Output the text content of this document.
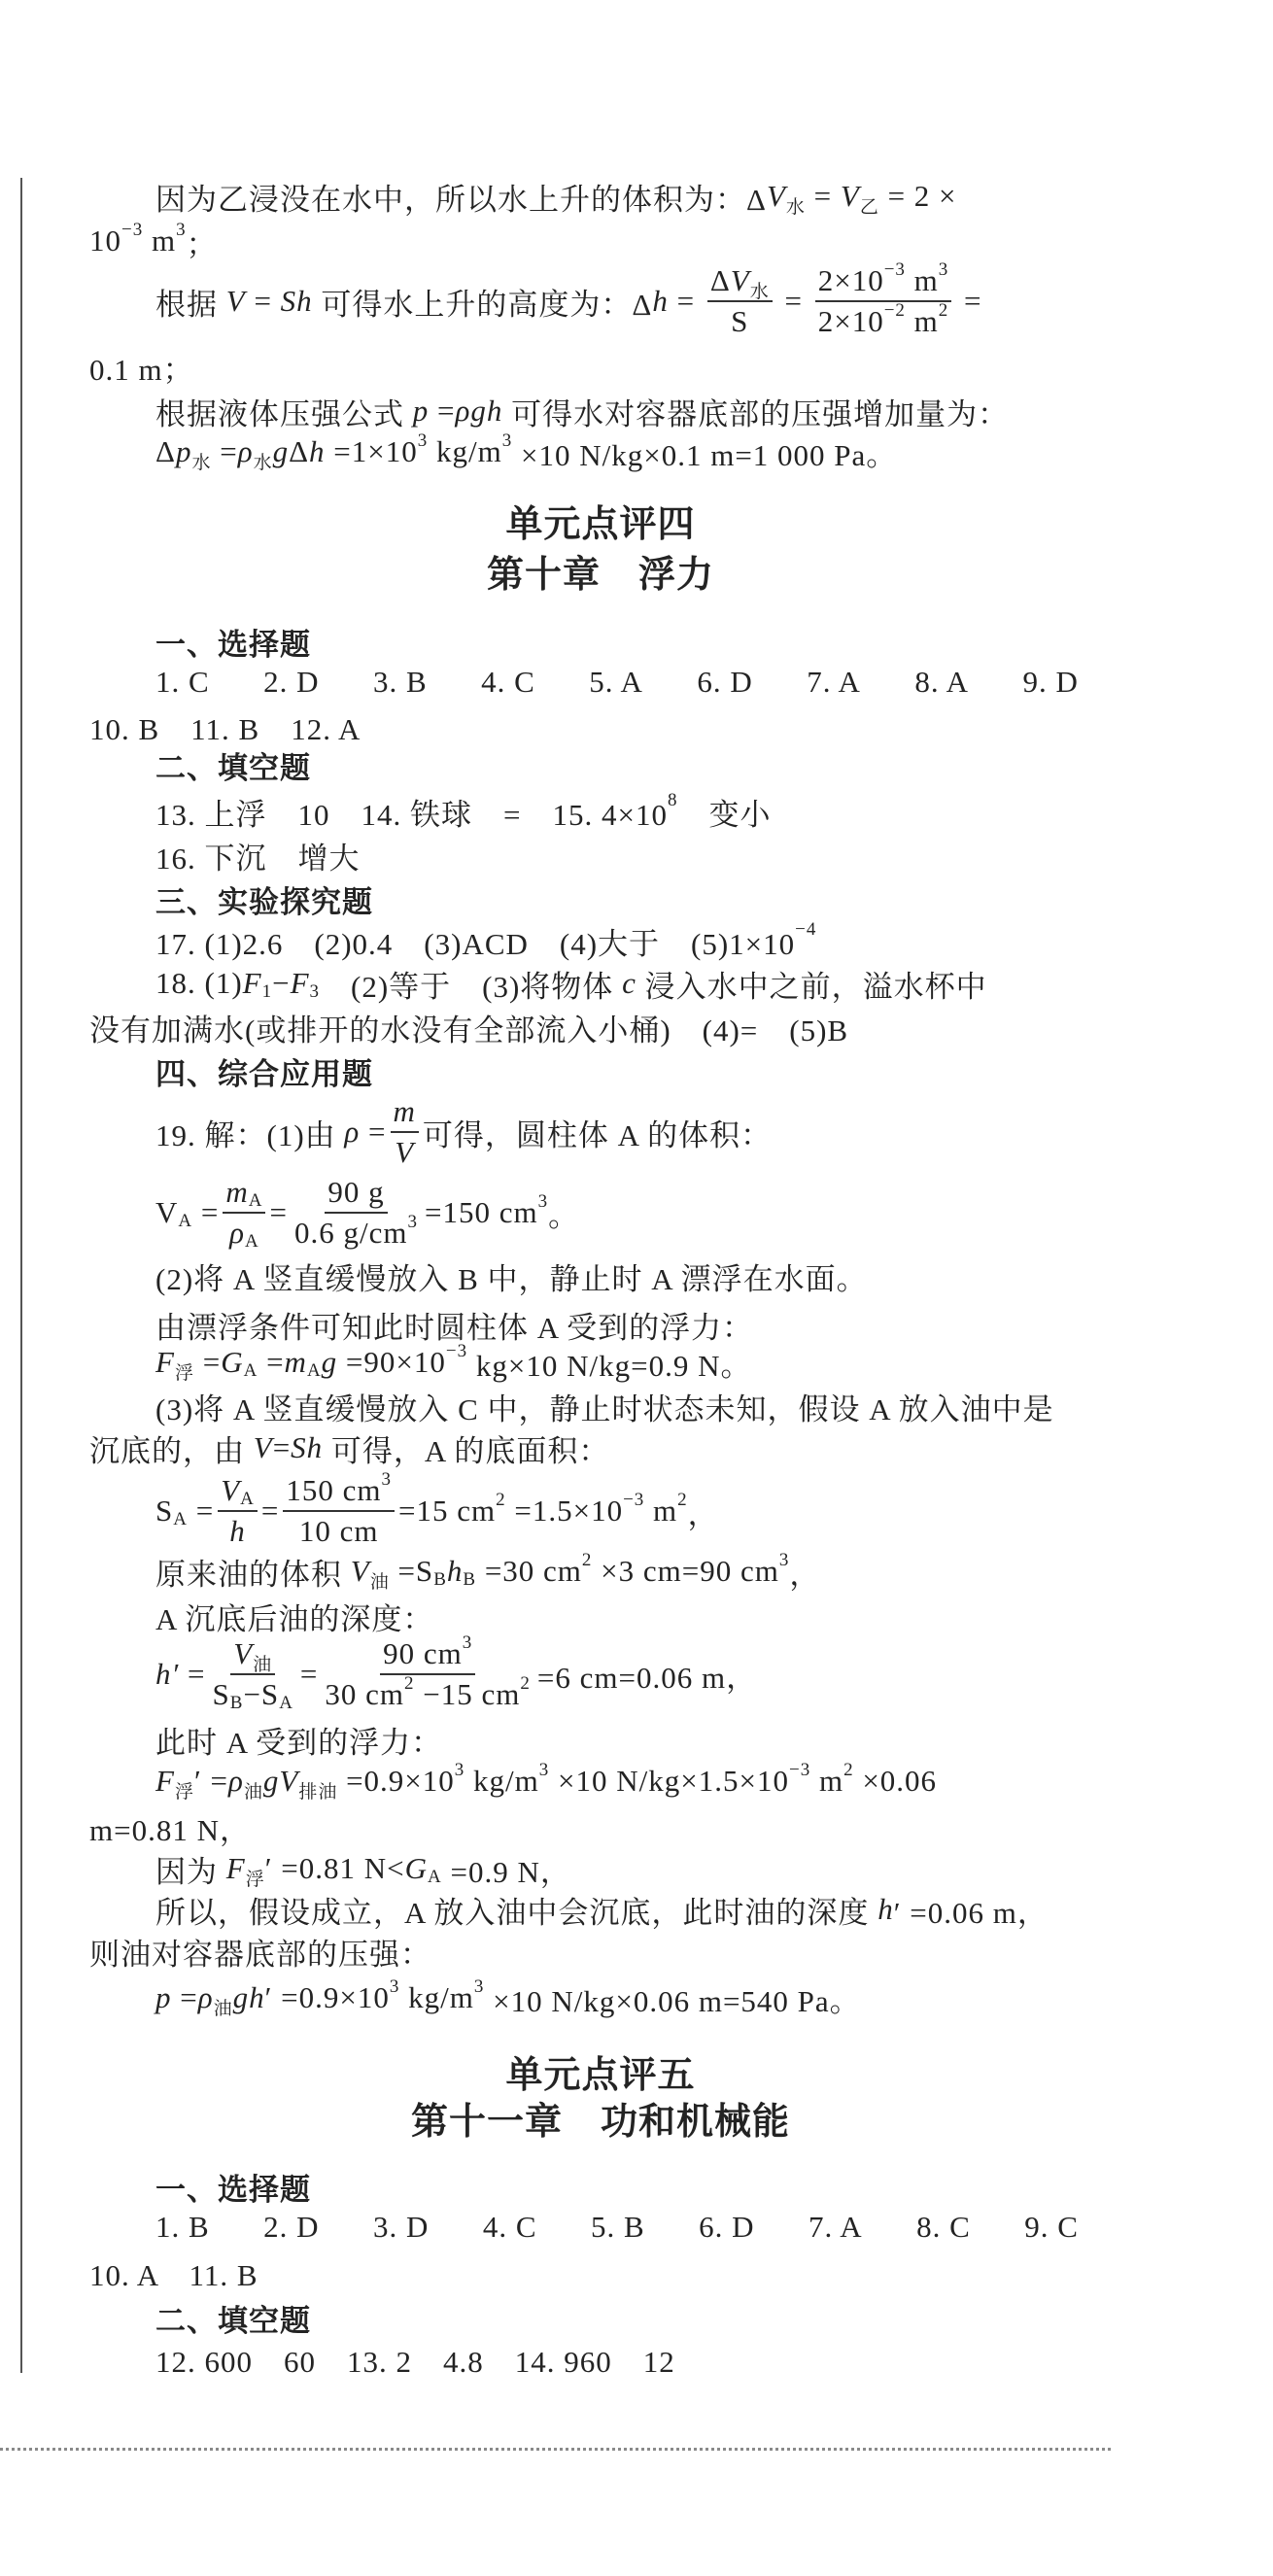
因为乙浸没在水中，所以水上升的体积为：Δ V 水 = V 乙 = 2 ×
10 −3 m 3 ；
根据 V = Sh 可得水上升的高度为：Δ $h = \frac{\text{Δ V 水}}{S} = \frac{2\times 10 -3 m 3}{2\times 10 -2 m 2}$ =
0.1 m；
根据液体压强公式 p = ρgh 可得水对容器底部的压强增加量为：
Δ p 水 = ρ 水 g Δ h =1×10 3 kg/m 3 ×10 N/kg×0.1 m=1 000 Pa。
单元点评四
第十章　浮力
一、选择题
1. C 2. D 3. B 4. C 5. A 6. D 7. A 8. A 9. D
10. B　11. B　12. A
二、填空题
13. 上浮　10　14. 铁球　=　15. 4×10 8 　变小
16. 下沉　增大
三、实验探究题
17. (1)2.6　(2)0.4　(3)ACD　(4)大于　(5)1×10 −4
18. (1) F 1 − F 3 　(2)等于　(3)将物体 c 浸入水中之前，溢水杯中
没有加满水(或排开的水没有全部流入小桶)　(4)=　(5)B
四、综合应用题
19. 解：(1)由 $\rho = \frac{m}{V}$ 可得，圆柱体 A 的体积：
V $A = \frac{\text{m A}}{\text{ρ A}} = \frac{90 g}{0.6 g/cm 3} =150$ cm 3 。
(2)将 A 竖直缓慢放入 B 中，静止时 A 漂浮在水面。
由漂浮条件可知此时圆柱体 A 受到的浮力：
F 浮 = G A = m A g =90×10 −3 kg×10 N/kg=0.9 N。
(3)将 A 竖直缓慢放入 C 中，静止时状态未知，假设 A 放入油中是
沉底的，由 V = Sh 可得，A 的底面积：
S $A = \frac{\text{V A}}{h} = \frac{150 cm 3}{10 cm} =15$ cm 2 =1.5×10 −3 m 2 ，
原来油的体积 V 油 =S B h B =30 cm 2 ×3 cm=90 cm 3 ，
A 沉底后油的深度：
$h' = \frac{\text{V 油}}{\text{S B −S A}} = \frac{90 cm 3}{30 cm 2 -15 cm 2} =6$ cm=0.06 m，
此时 A 受到的浮力：
F 浮 ′ = ρ 油 gV 排油 =0.9×10 3 kg/m 3 ×10 N/kg×1.5×10 −3 m 2 ×0.06
m=0.81 N，
因为 F 浮 ′ =0.81 N< G A =0.9 N，
所以，假设成立，A 放入油中会沉底，此时油的深度 h ′ =0.06 m，
则油对容器底部的压强：
p = ρ 油 gh ′ =0.9×10 3 kg/m 3 ×10 N/kg×0.06 m=540 Pa。
单元点评五
第十一章　功和机械能
一、选择题
1. B 2. D 3. D 4. C 5. B 6. D 7. A 8. C 9. C
10. A　11. B
二、填空题
12. 600　60　13. 2　4.8　14. 960　12
